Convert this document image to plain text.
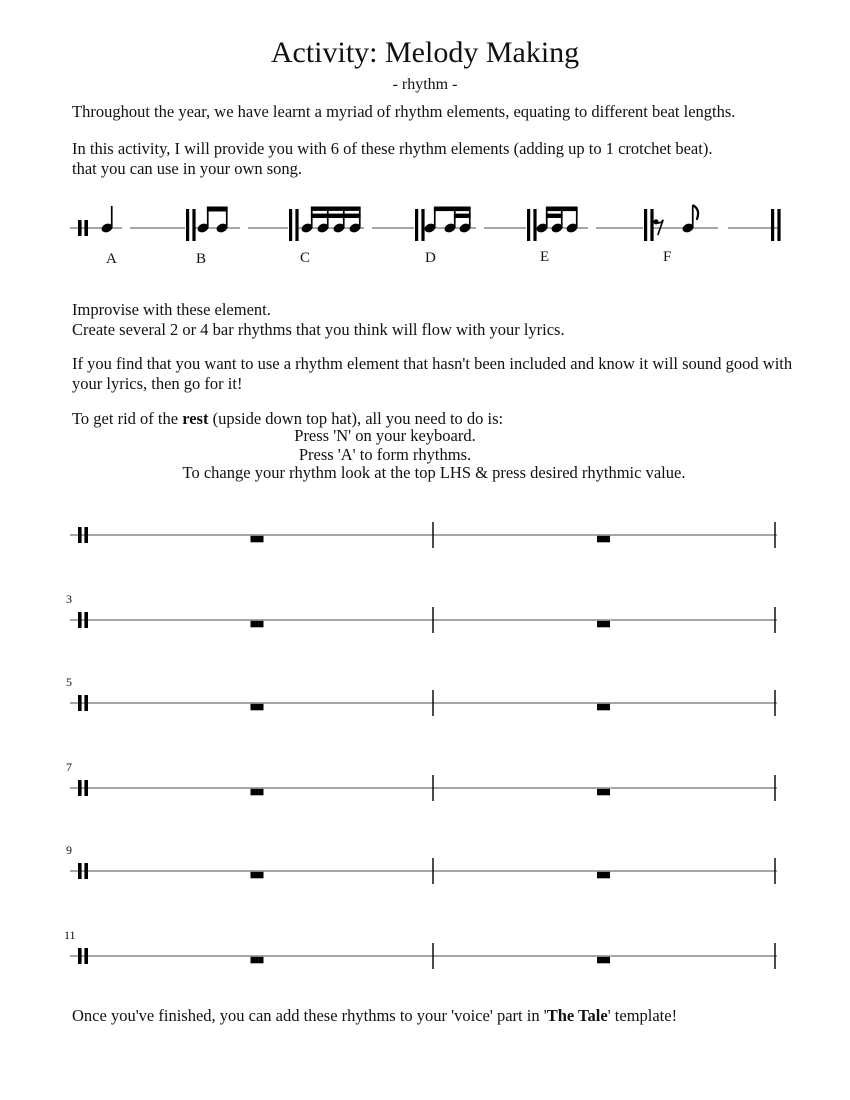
Activity: Melody Making
- rhythm -
Throughout the year, we have learnt a myriad of rhythm elements, equating to different beat lengths.
In this activity, I will provide you with 6 of these rhythm elements (adding up to 1 crotchet beat).
that you can use in your own song.
A	B	C	D	E	F
Improvise with these element.
Create several 2 or 4 bar rhythms that you think will flow with your lyrics.
If you find that you want to use a rhythm element that hasn't been included and know it will sound good with
your lyrics, then go for it!
To get rid of the rest (upside down top hat), all you need to do is:
Press 'N' on your keyboard.
Press 'A' to form rhythms.
To change your rhythm look at the top LHS & press desired rhythmic value.
3
5
7
9
11
Once you've finished, you can add these rhythms to your 'voice' part in 'The Tale' template!
